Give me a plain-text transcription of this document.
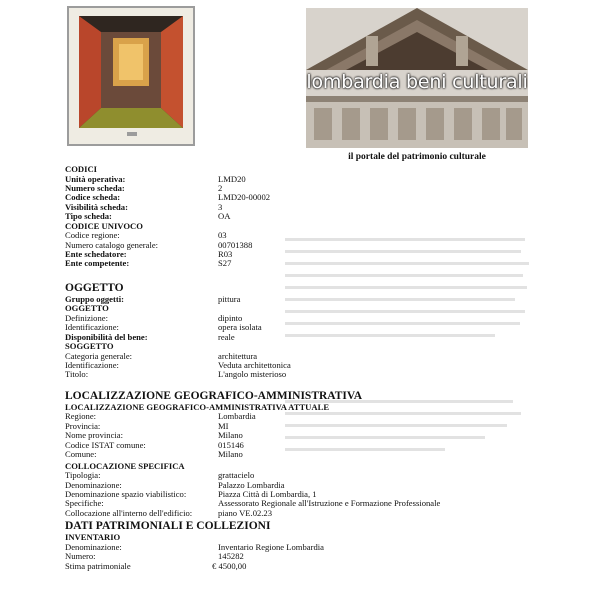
lombardia beni culturali
il portale del patrimonio culturale
CODICI
Unità operativa:	LMD20
Numero scheda:	2
Codice scheda:	LMD20-00002
Visibilità scheda:	3
Tipo scheda:	OA
CODICE UNIVOCO
Codice regione:	03
Numero catalogo generale:	00701388
Ente schedatore:	R03
Ente competente:	S27
OGGETTO
Gruppo oggetti:	pittura
OGGETTO
Definizione:	dipinto
Identificazione:	opera isolata
Disponibilità del bene:	reale
SOGGETTO
Categoria generale:	architettura
Identificazione:	Veduta architettonica
Titolo:	L'angolo misterioso
LOCALIZZAZIONE GEOGRAFICO-AMMINISTRATIVA
LOCALIZZAZIONE GEOGRAFICO-AMMINISTRATIVA ATTUALE
Regione:	Lombardia
Provincia:	MI
Nome provincia:	Milano
Codice ISTAT comune:	015146
Comune:	Milano
COLLOCAZIONE SPECIFICA
Tipologia:	grattacielo
Denominazione:	Palazzo Lombardia
Denominazione spazio viabilistico:	Piazza Città di Lombardia, 1
Specifiche:	Assessorato Regionale all'Istruzione e Formazione Professionale
Collocazione all'interno dell'edificio:	piano VE.02.23
DATI PATRIMONIALI E COLLEZIONI
INVENTARIO
Denominazione:	Inventario Regione Lombardia
Numero:	145282
Stima patrimoniale	€ 4500,00
